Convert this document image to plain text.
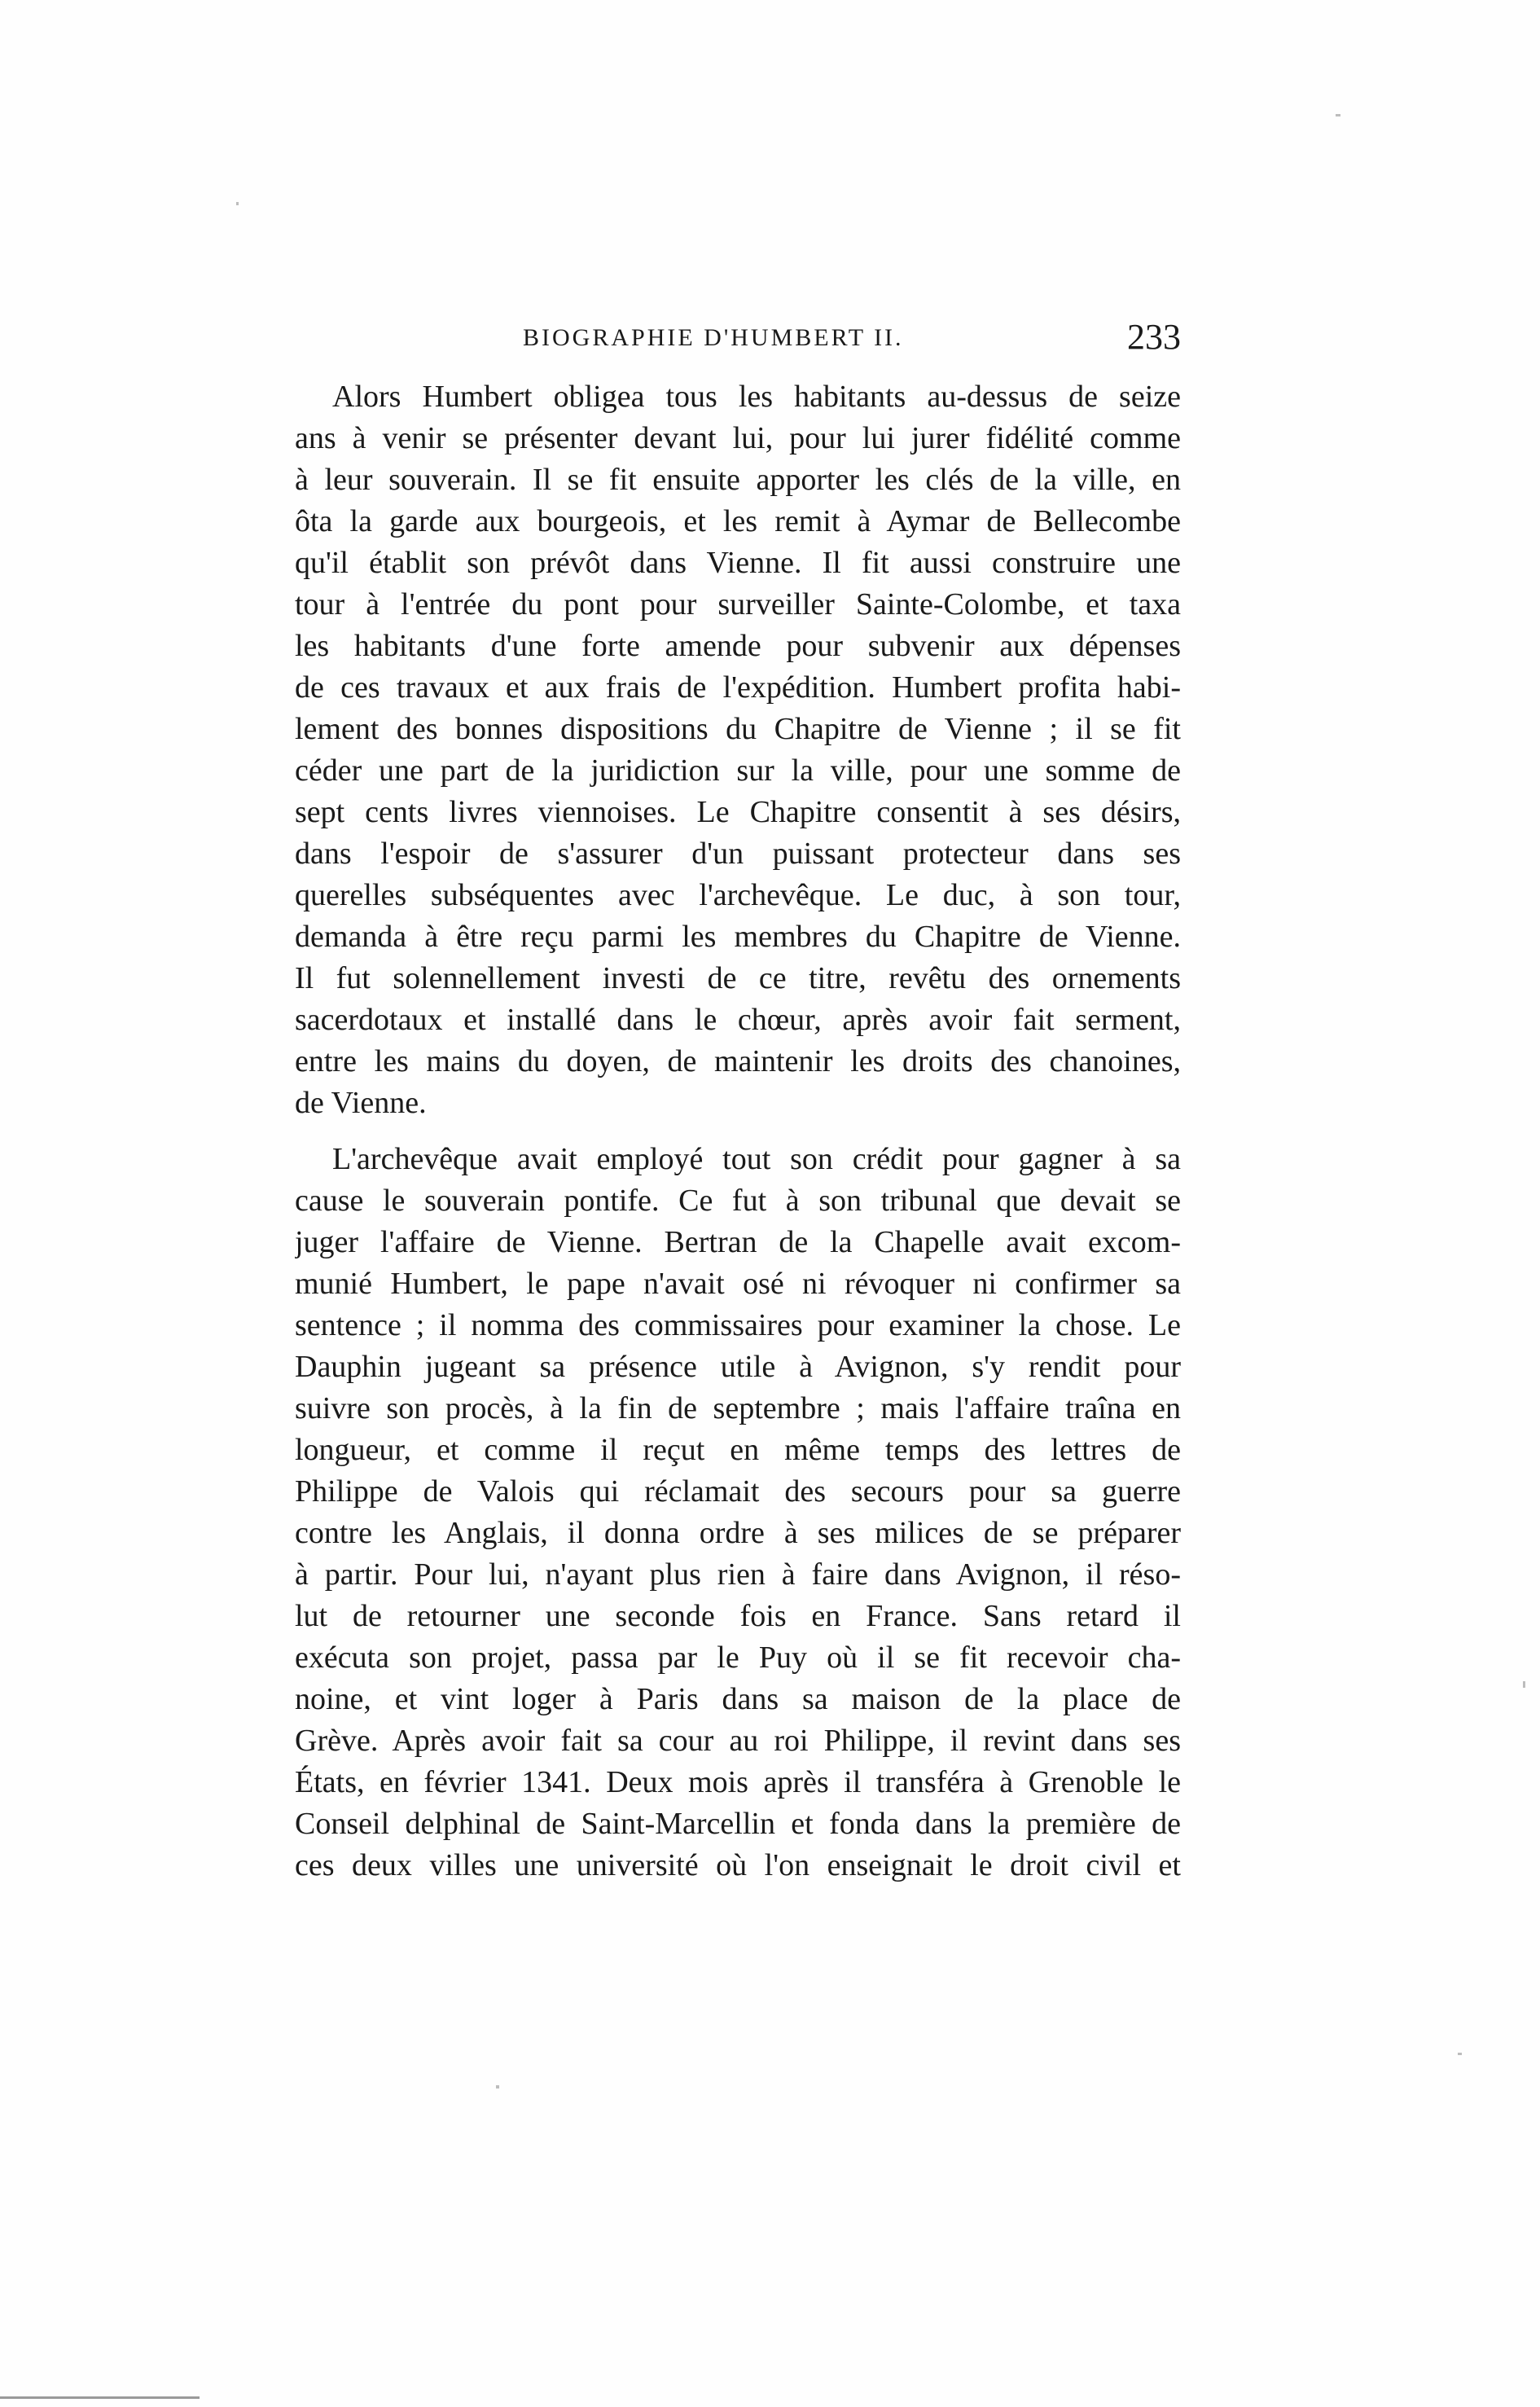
BIOGRAPHIE D'HUMBERT II.	233
Alors Humbert obligea tous les habitants au-dessus de seize
ans à venir se présenter devant lui, pour lui jurer fidélité comme
à leur souverain. Il se fit ensuite apporter les clés de la ville, en
ôta la garde aux bourgeois, et les remit à Aymar de Bellecombe
qu'il établit son prévôt dans Vienne. Il fit aussi construire une
tour à l'entrée du pont pour surveiller Sainte-Colombe, et taxa
les habitants d'une forte amende pour subvenir aux dépenses
de ces travaux et aux frais de l'expédition. Humbert profita habi-
lement des bonnes dispositions du Chapitre de Vienne ; il se fit
céder une part de la juridiction sur la ville, pour une somme de
sept cents livres viennoises. Le Chapitre consentit à ses désirs,
dans l'espoir de s'assurer d'un puissant protecteur dans ses
querelles subséquentes avec l'archevêque. Le duc, à son tour,
demanda à être reçu parmi les membres du Chapitre de Vienne.
Il fut solennellement investi de ce titre, revêtu des ornements
sacerdotaux et installé dans le chœur, après avoir fait serment,
entre les mains du doyen, de maintenir les droits des chanoines,
de Vienne.
L'archevêque avait employé tout son crédit pour gagner à sa
cause le souverain pontife. Ce fut à son tribunal que devait se
juger l'affaire de Vienne. Bertran de la Chapelle avait excom-
munié Humbert, le pape n'avait osé ni révoquer ni confirmer sa
sentence ; il nomma des commissaires pour examiner la chose. Le
Dauphin jugeant sa présence utile à Avignon, s'y rendit pour
suivre son procès, à la fin de septembre ; mais l'affaire traîna en
longueur, et comme il reçut en même temps des lettres de
Philippe de Valois qui réclamait des secours pour sa guerre
contre les Anglais, il donna ordre à ses milices de se préparer
à partir. Pour lui, n'ayant plus rien à faire dans Avignon, il réso-
lut de retourner une seconde fois en France. Sans retard il
exécuta son projet, passa par le Puy où il se fit recevoir cha-
noine, et vint loger à Paris dans sa maison de la place de
Grève. Après avoir fait sa cour au roi Philippe, il revint dans ses
États, en février 1341. Deux mois après il transféra à Grenoble le
Conseil delphinal de Saint-Marcellin et fonda dans la première de
ces deux villes une université où l'on enseignait le droit civil et
